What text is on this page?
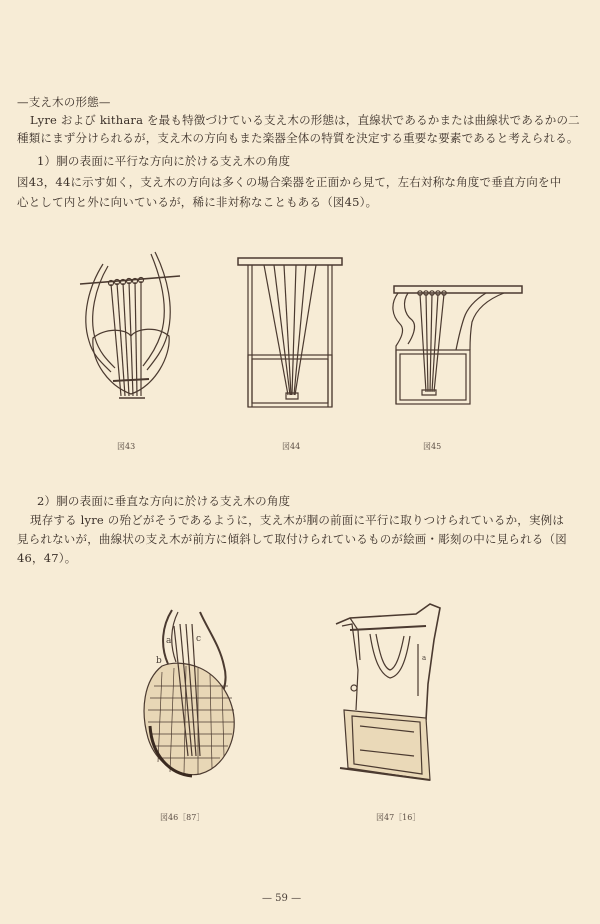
—支え木の形態—
Lyre および kithara を最も特徴づけている支え木の形態は，直線状であるかまたは曲線状であるかの二
種類にまず分けられるが，支え木の方向もまた楽器全体の特質を決定する重要な要素であると考えられる。
1）胴の表面に平行な方向に於ける支え木の角度
図43，44に示す如く，支え木の方向は多くの場合楽器を正面から見て，左右対称な角度で垂直方向を中
心として内と外に向いているが，稀に非対称なこともある（図45）。
図43	図44	図45
2）胴の表面に垂直な方向に於ける支え木の角度
現存する lyre の殆どがそうであるように，支え木が胴の前面に平行に取りつけられているか，実例は
見られないが，曲線状の支え木が前方に傾斜して取付けられているものが絵画・彫刻の中に見られる（図
46，47）。
a	c
b	a
図46［87］	図47［16］
— 59 —
